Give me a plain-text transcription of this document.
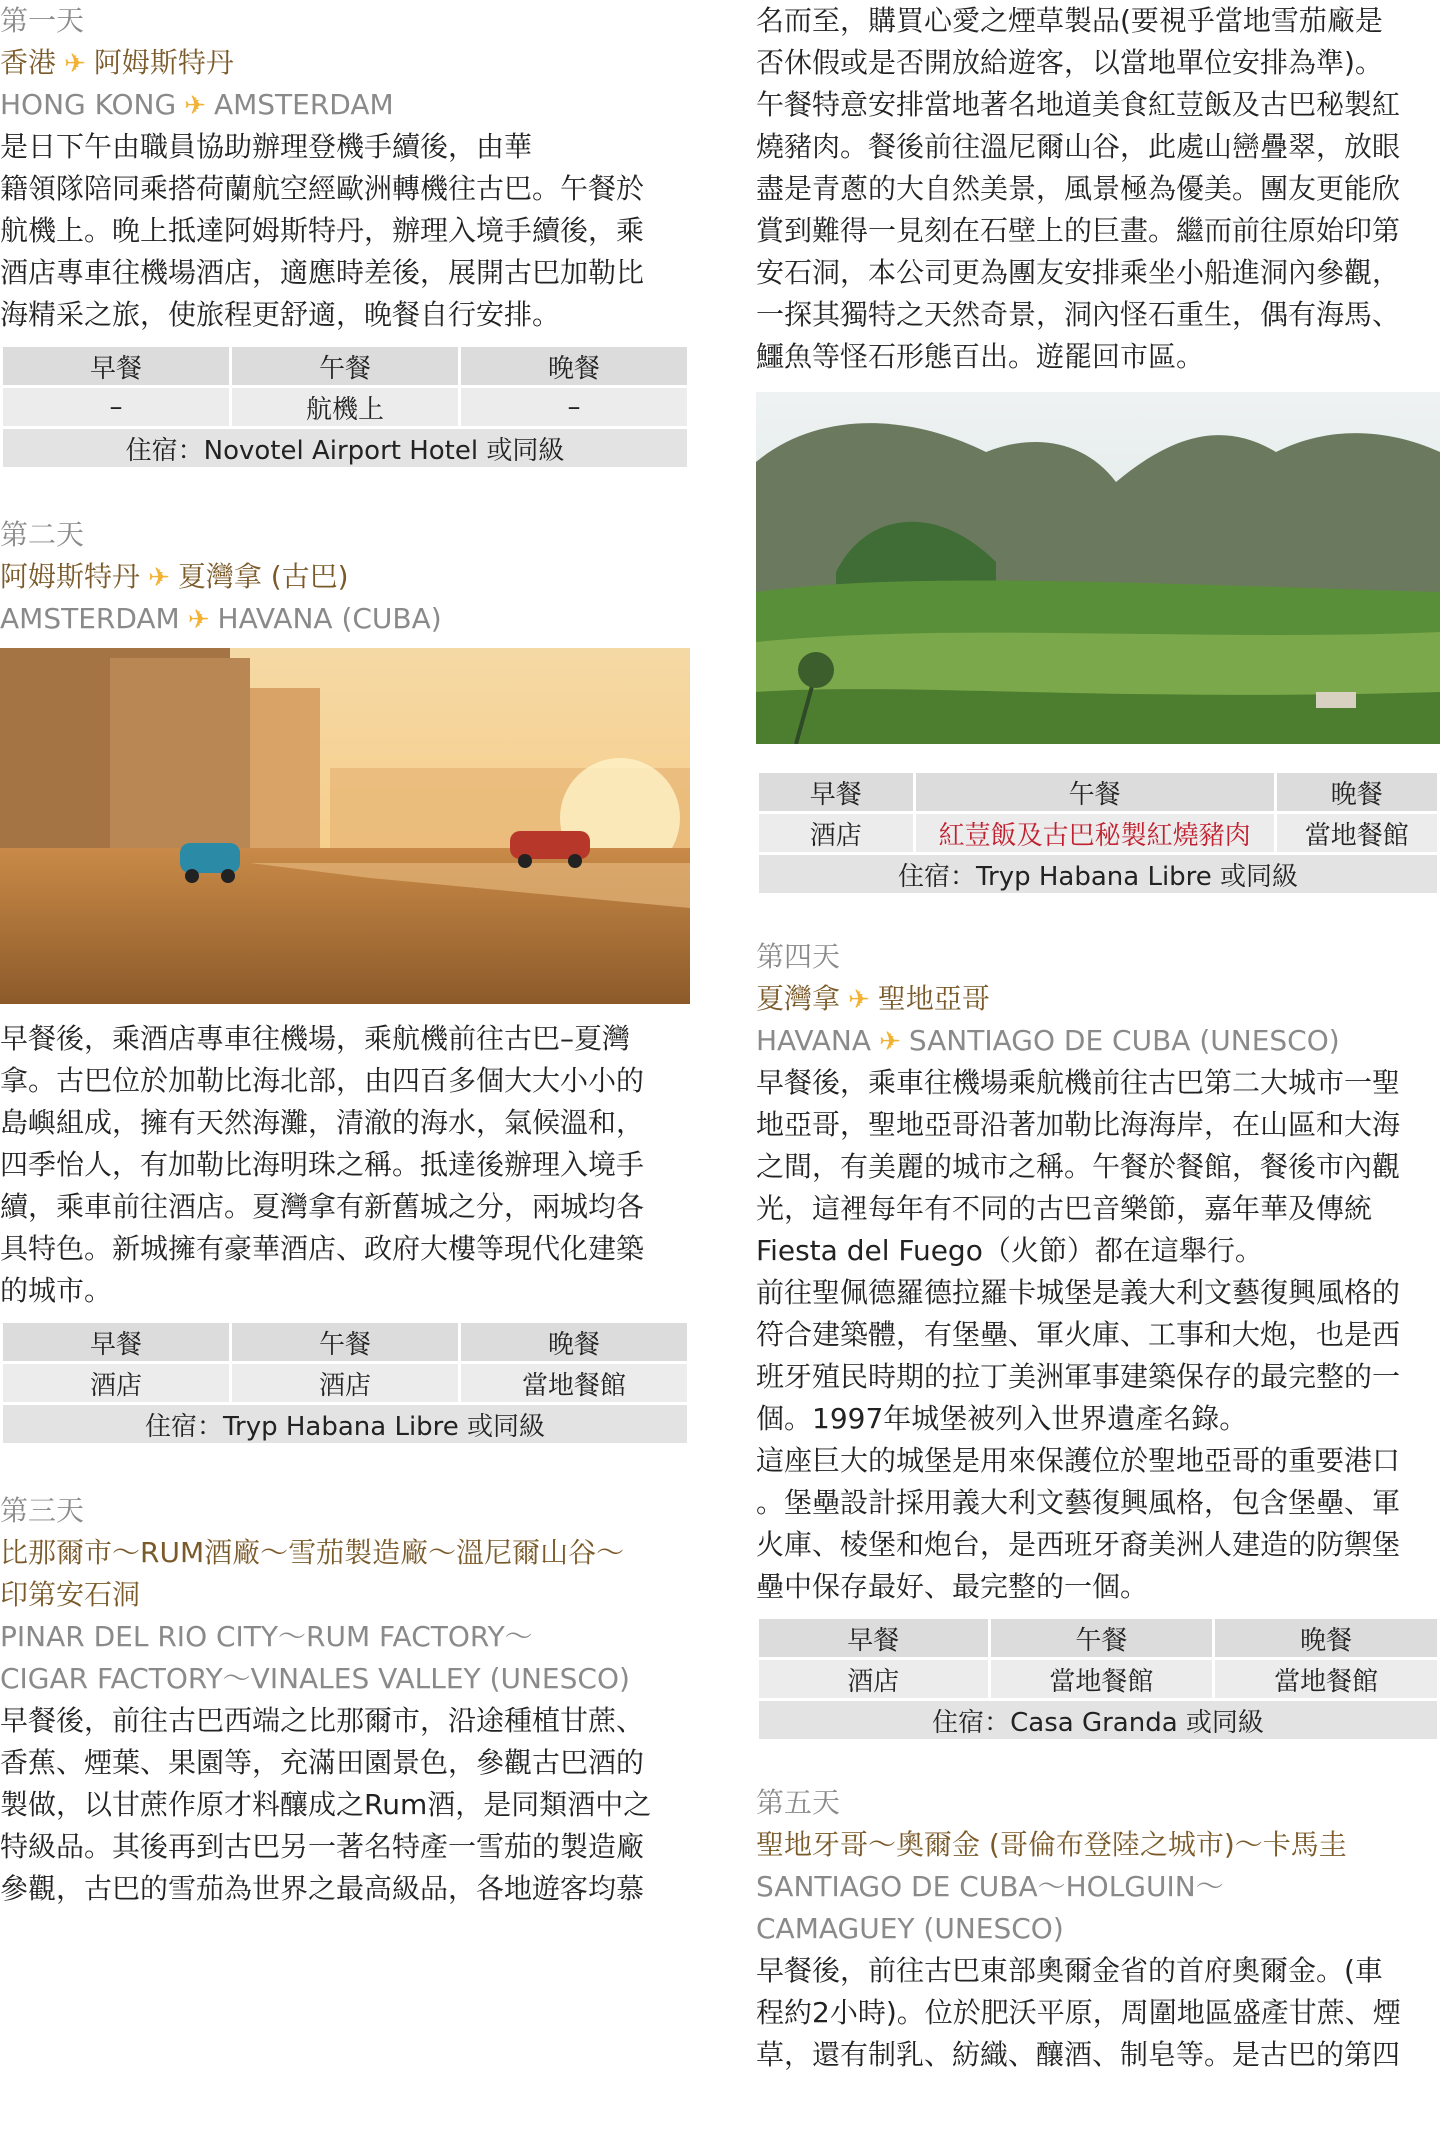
第一天
香港 ✈ 阿姆斯特丹
HONG KONG ✈ AMSTERDAM
是日下午由職員協助辦理登機手續後，由華
籍領隊陪同乘搭荷蘭航空經歐洲轉機往古巴。午餐於
航機上。晚上抵達阿姆斯特丹，辦理入境手續後，乘
酒店專車往機場酒店，適應時差後，展開古巴加勒比
海精采之旅，使旅程更舒適，晚餐自行安排。
早餐	午餐	晚餐
–	航機上	–
住宿：Novotel Airport Hotel 或同級		
第二天
阿姆斯特丹 ✈ 夏灣拿 (古巴)
AMSTERDAM ✈ HAVANA (CUBA)
早餐後，乘酒店專車往機場，乘航機前往古巴–夏灣
拿。古巴位於加勒比海北部，由四百多個大大小小的
島嶼組成，擁有天然海灘，清澈的海水，氣候溫和，
四季怡人，有加勒比海明珠之稱。抵達後辦理入境手
續，乘車前往酒店。夏灣拿有新舊城之分，兩城均各
具特色。新城擁有豪華酒店、政府大樓等現代化建築
的城市。
早餐	午餐	晚餐
酒店	酒店	當地餐館
住宿：Tryp Habana Libre 或同級		
第三天
比那爾市～RUM酒廠～雪茄製造廠～溫尼爾山谷～
印第安石洞
PINAR DEL RIO CITY～RUM FACTORY～
CIGAR FACTORY～VINALES VALLEY (UNESCO)
早餐後，前往古巴西端之比那爾市，沿途種植甘蔗、
香蕉、煙葉、果園等，充滿田園景色，參觀古巴酒的
製做，以甘蔗作原才料釀成之Rum酒，是同類酒中之
特級品。其後再到古巴另一著名特產一雪茄的製造廠
參觀，古巴的雪茄為世界之最高級品，各地遊客均慕
名而至，購買心愛之煙草製品(要視乎當地雪茄廠是
否休假或是否開放給遊客，以當地單位安排為準)。
午餐特意安排當地著名地道美食紅荳飯及古巴秘製紅
燒豬肉。餐後前往溫尼爾山谷，此處山巒疊翠，放眼
盡是青蔥的大自然美景，風景極為優美。團友更能欣
賞到難得一見刻在石壁上的巨畫。繼而前往原始印第
安石洞，本公司更為團友安排乘坐小船進洞內參觀，
一探其獨特之天然奇景，洞內怪石重生，偶有海馬、
鱷魚等怪石形態百出。遊罷回市區。
早餐	午餐	晚餐
酒店	紅荳飯及古巴秘製紅燒豬肉	當地餐館
住宿：Tryp Habana Libre 或同級		
第四天
夏灣拿 ✈ 聖地亞哥
HAVANA ✈ SANTIAGO DE CUBA (UNESCO)
早餐後，乘車往機場乘航機前往古巴第二大城市一聖
地亞哥，聖地亞哥沿著加勒比海海岸，在山區和大海
之間，有美麗的城市之稱。午餐於餐館，餐後市內觀
光，這裡每年有不同的古巴音樂節，嘉年華及傳統
Fiesta del Fuego（火節）都在這舉行。
前往聖佩德羅德拉羅卡城堡是義大利文藝復興風格的
符合建築體，有堡壘、軍火庫、工事和大炮，也是西
班牙殖民時期的拉丁美洲軍事建築保存的最完整的一
個。1997年城堡被列入世界遺產名錄。
這座巨大的城堡是用來保護位於聖地亞哥的重要港口
。堡壘設計採用義大利文藝復興風格，包含堡壘、軍
火庫、棱堡和炮台，是西班牙裔美洲人建造的防禦堡
壘中保存最好、最完整的一個。
早餐	午餐	晚餐
酒店	當地餐館	當地餐館
住宿：Casa Granda 或同級		
第五天
聖地牙哥～奧爾金 (哥倫布登陸之城市)～卡馬圭
SANTIAGO DE CUBA～HOLGUIN～
CAMAGUEY (UNESCO)
早餐後，前往古巴東部奧爾金省的首府奧爾金。(車
程約2小時)。位於肥沃平原，周圍地區盛產甘蔗、煙
草，還有制乳、紡織、釀酒、制皂等。是古巴的第四
